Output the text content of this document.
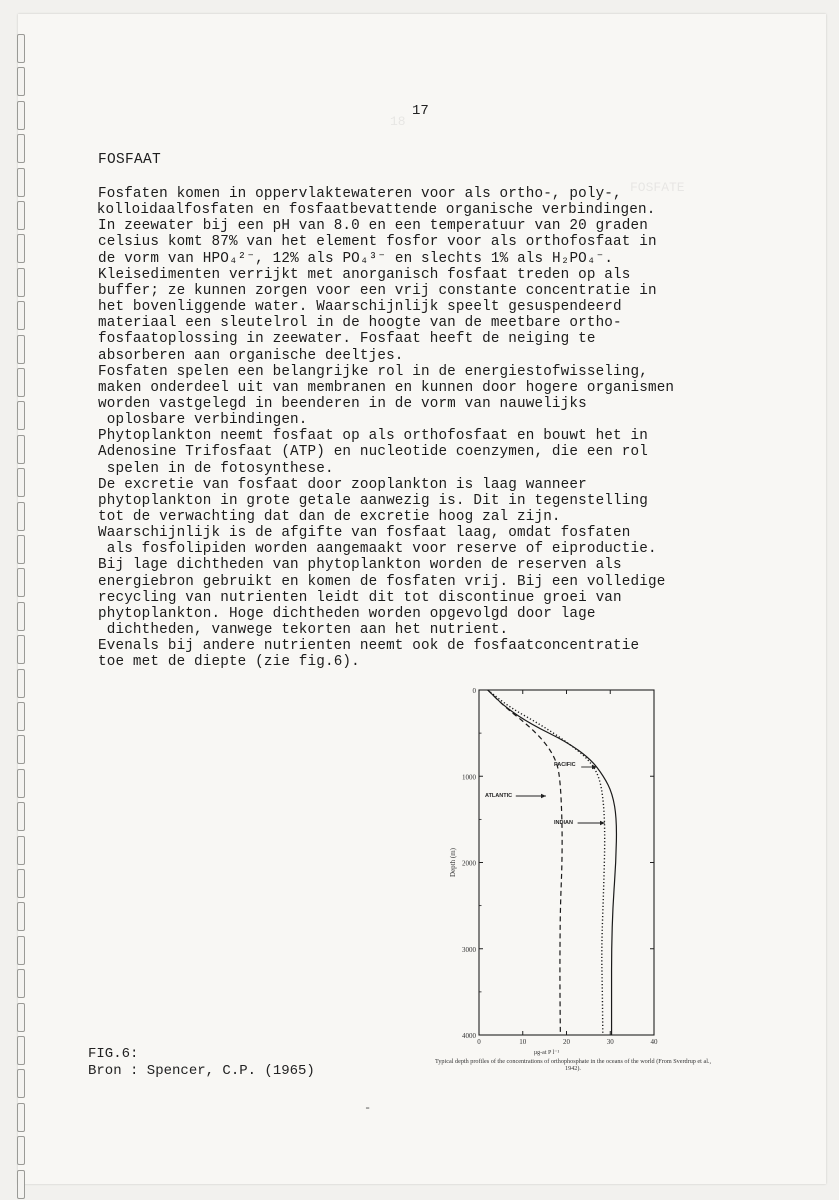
FOSFATE
18
17
FOSFAAT
Fosfaten komen in oppervlaktewateren voor als ortho-, poly-,
kolloidaalfosfaten en fosfaatbevattende organische verbindingen.
In zeewater bij een pH van 8.0 en een temperatuur van 20 graden
celsius komt 87% van het element fosfor voor als orthofosfaat in
de vorm van HPO₄²⁻, 12% als PO₄³⁻ en slechts 1% als H₂PO₄⁻.
Kleisedimenten verrijkt met anorganisch fosfaat treden op als
buffer; ze kunnen zorgen voor een vrij constante concentratie in
het bovenliggende water. Waarschijnlijk speelt gesuspendeerd
materiaal een sleutelrol in de hoogte van de meetbare ortho-
fosfaatoplossing in zeewater. Fosfaat heeft de neiging te
absorberen aan organische deeltjes.
Fosfaten spelen een belangrijke rol in de energiestofwisseling,
maken onderdeel uit van membranen en kunnen door hogere organismen
worden vastgelegd in beenderen in de vorm van nauwelijks
oplosbare verbindingen.
Phytoplankton neemt fosfaat op als orthofosfaat en bouwt het in
Adenosine Trifosfaat (ATP) en nucleotide coenzymen, die een rol
spelen in de fotosynthese.
De excretie van fosfaat door zooplankton is laag wanneer
phytoplankton in grote getale aanwezig is. Dit in tegenstelling
tot de verwachting dat dan de excretie hoog zal zijn.
Waarschijnlijk is de afgifte van fosfaat laag, omdat fosfaten
als fosfolipiden worden aangemaakt voor reserve of eiproductie.
Bij lage dichtheden van phytoplankton worden de reserven als
energiebron gebruikt en komen de fosfaten vrij. Bij een volledige
recycling van nutrienten leidt dit tot discontinue groei van
phytoplankton. Hoge dichtheden worden opgevolgd door lage
dichtheden, vanwege tekorten aan het nutrient.
Evenals bij andere nutrienten neemt ook de fosfaatconcentratie
toe met de diepte (zie fig.6).
0
1000
2000
3000
4000
0	10	20	30	40
Depth (m)
µg-at P l⁻¹
PACIFIC
ATLANTIC
INDIAN
Typical depth profiles of the concentrations of orthophosphate in the oceans of the world (From Sverdrup et al., 1942).
FIG.6:
Bron : Spencer, C.P. (1965)
-
